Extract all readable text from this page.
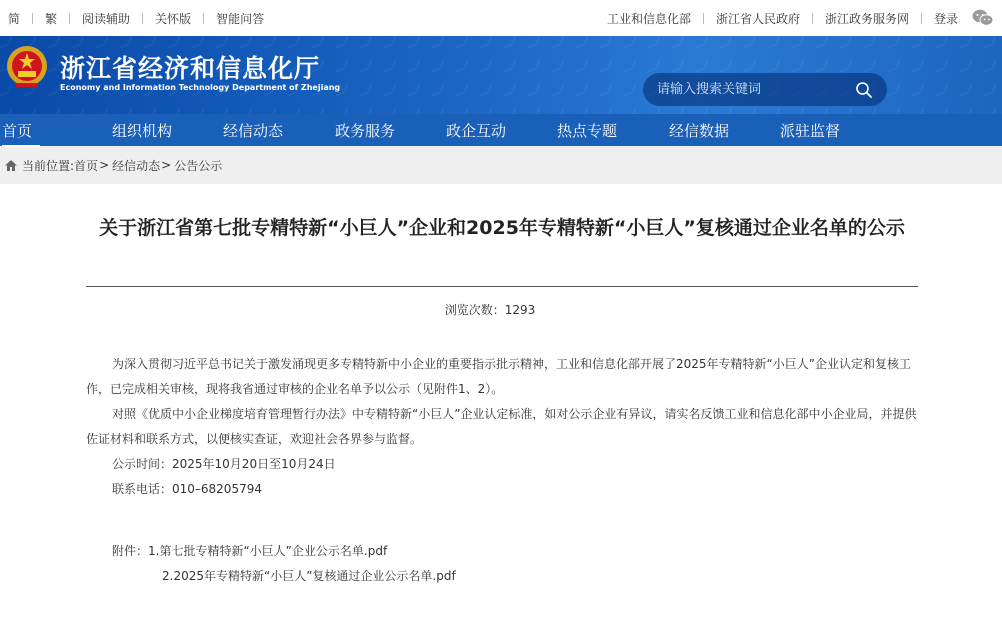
简 繁 阅读辅助 关怀版 智能问答	工业和信息化部 浙江省人民政府 浙江政务服务网 登录
浙江省经济和信息化厅
Economy and Information Technology Department of Zhejiang
请输入搜索关键词
首页	组织机构	经信动态	政务服务	政企互动	热点专题	经信数据	派驻监督
当前位置: 首页 > 经信动态 > 公告公示
关于浙江省第七批专精特新“小巨人”企业和2025年专精特新“小巨人”复核通过企业名单的公示
浏览次数：1293

为深入贯彻习近平总书记关于激发涌现更多专精特新中小企业的重要指示批示精神，工业和信息化部开展了2025年专精特新“小巨人”企业认定和复核工作，已完成相关审核，现将我省通过审核的企业名单予以公示（见附件1、2）。

对照《优质中小企业梯度培育管理暂行办法》中专精特新“小巨人”企业认定标准，如对公示企业有异议，请实名反馈工业和信息化部中小企业局，并提供佐证材料和联系方式，以便核实查证，欢迎社会各界参与监督。

公示时间：2025年10月20日至10月24日
联系电话：010–68205794
附件： 1.第七批专精特新“小巨人”企业公示名单.pdf
2.2025年专精特新“小巨人”复核通过企业公示名单.pdf
